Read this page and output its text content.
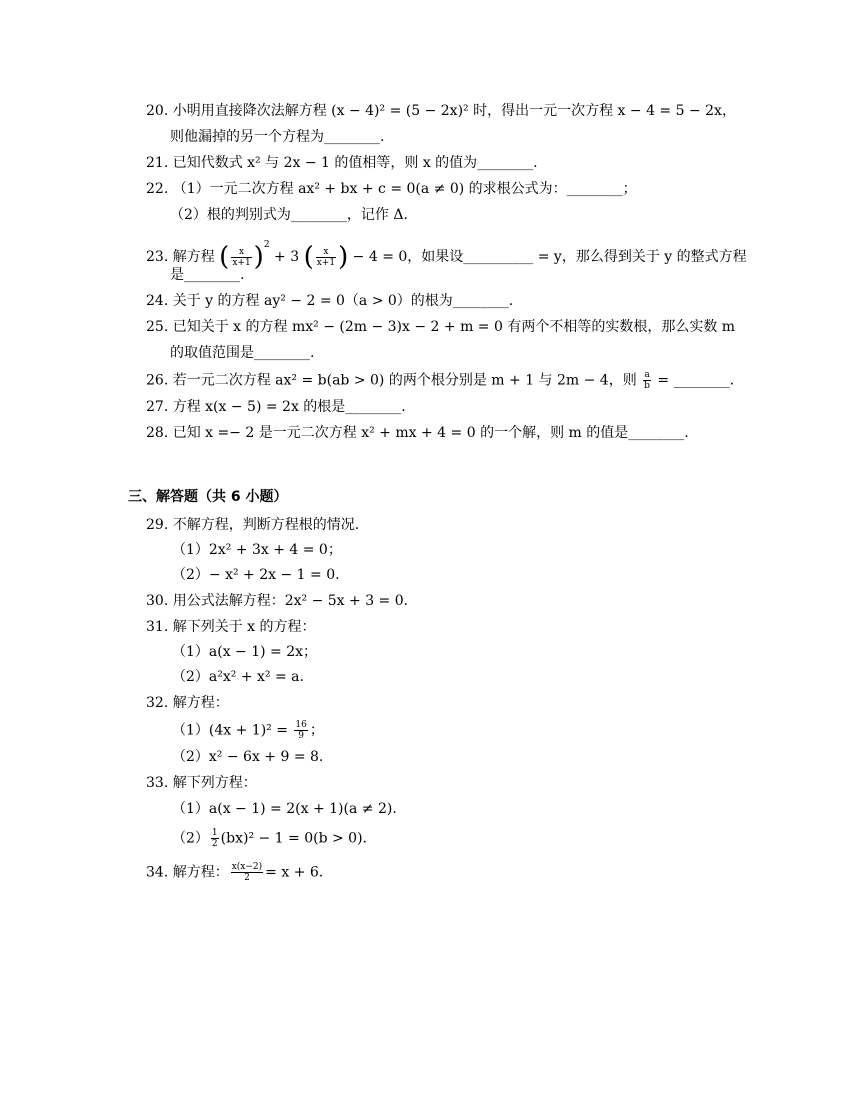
20. 小明用直接降次法解方程 (x − 4)² = (5 − 2x)² 时，得出一元一次方程 x − 4 = 5 − 2x，
则他漏掉的另一个方程为________.
21. 已知代数式 x² 与 2x − 1 的值相等，则 x 的值为________.
22. （1）一元二次方程 ax² + bx + c = 0(a ≠ 0) 的求根公式为：________；
（2）根的判别式为________，记作 Δ.
23. 解方程 ( $\frac{x}{x+1} )^2 + 3$ ( $\frac{x}{x+1}$ ) − 4 = 0，如果设__________ = y，那么得到关于 y 的整式方程
是________.
24. 关于 y 的方程 ay² − 2 = 0（a > 0）的根为________.
25. 已知关于 x 的方程 mx² − (2m − 3)x − 2 + m = 0 有两个不相等的实数根，那么实数 m
的取值范围是________.
26. 若一元二次方程 ax² = b(ab > 0) 的两个根分别是 m + 1 与 2m − 4，则 $\frac{a}{b}$ = ________.
27. 方程 x(x − 5) = 2x 的根是________.
28. 已知 x =− 2 是一元二次方程 x² + mx + 4 = 0 的一个解，则 m 的值是________.
三、解答题（共 6 小题）
29. 不解方程，判断方程根的情况.
（1）2x² + 3x + 4 = 0；
（2）− x² + 2x − 1 = 0.
30. 用公式法解方程：2x² − 5x + 3 = 0.
31. 解下列关于 x 的方程：
（1）a(x − 1) = 2x；
（2）a²x² + x² = a.
32. 解方程：
$(1)(4x + 1)^2 = \frac{16}{9}$ ；
（2）x² − 6x + 9 = 8.
33. 解下列方程：
（1）a(x − 1) = 2(x + 1)(a ≠ 2).
$(2) \frac{1}{2} (bx)^2 - 1 = 0(b > 0)$.
34. 解方程： $\frac{x(x-2)}{2} = x + 6$.
